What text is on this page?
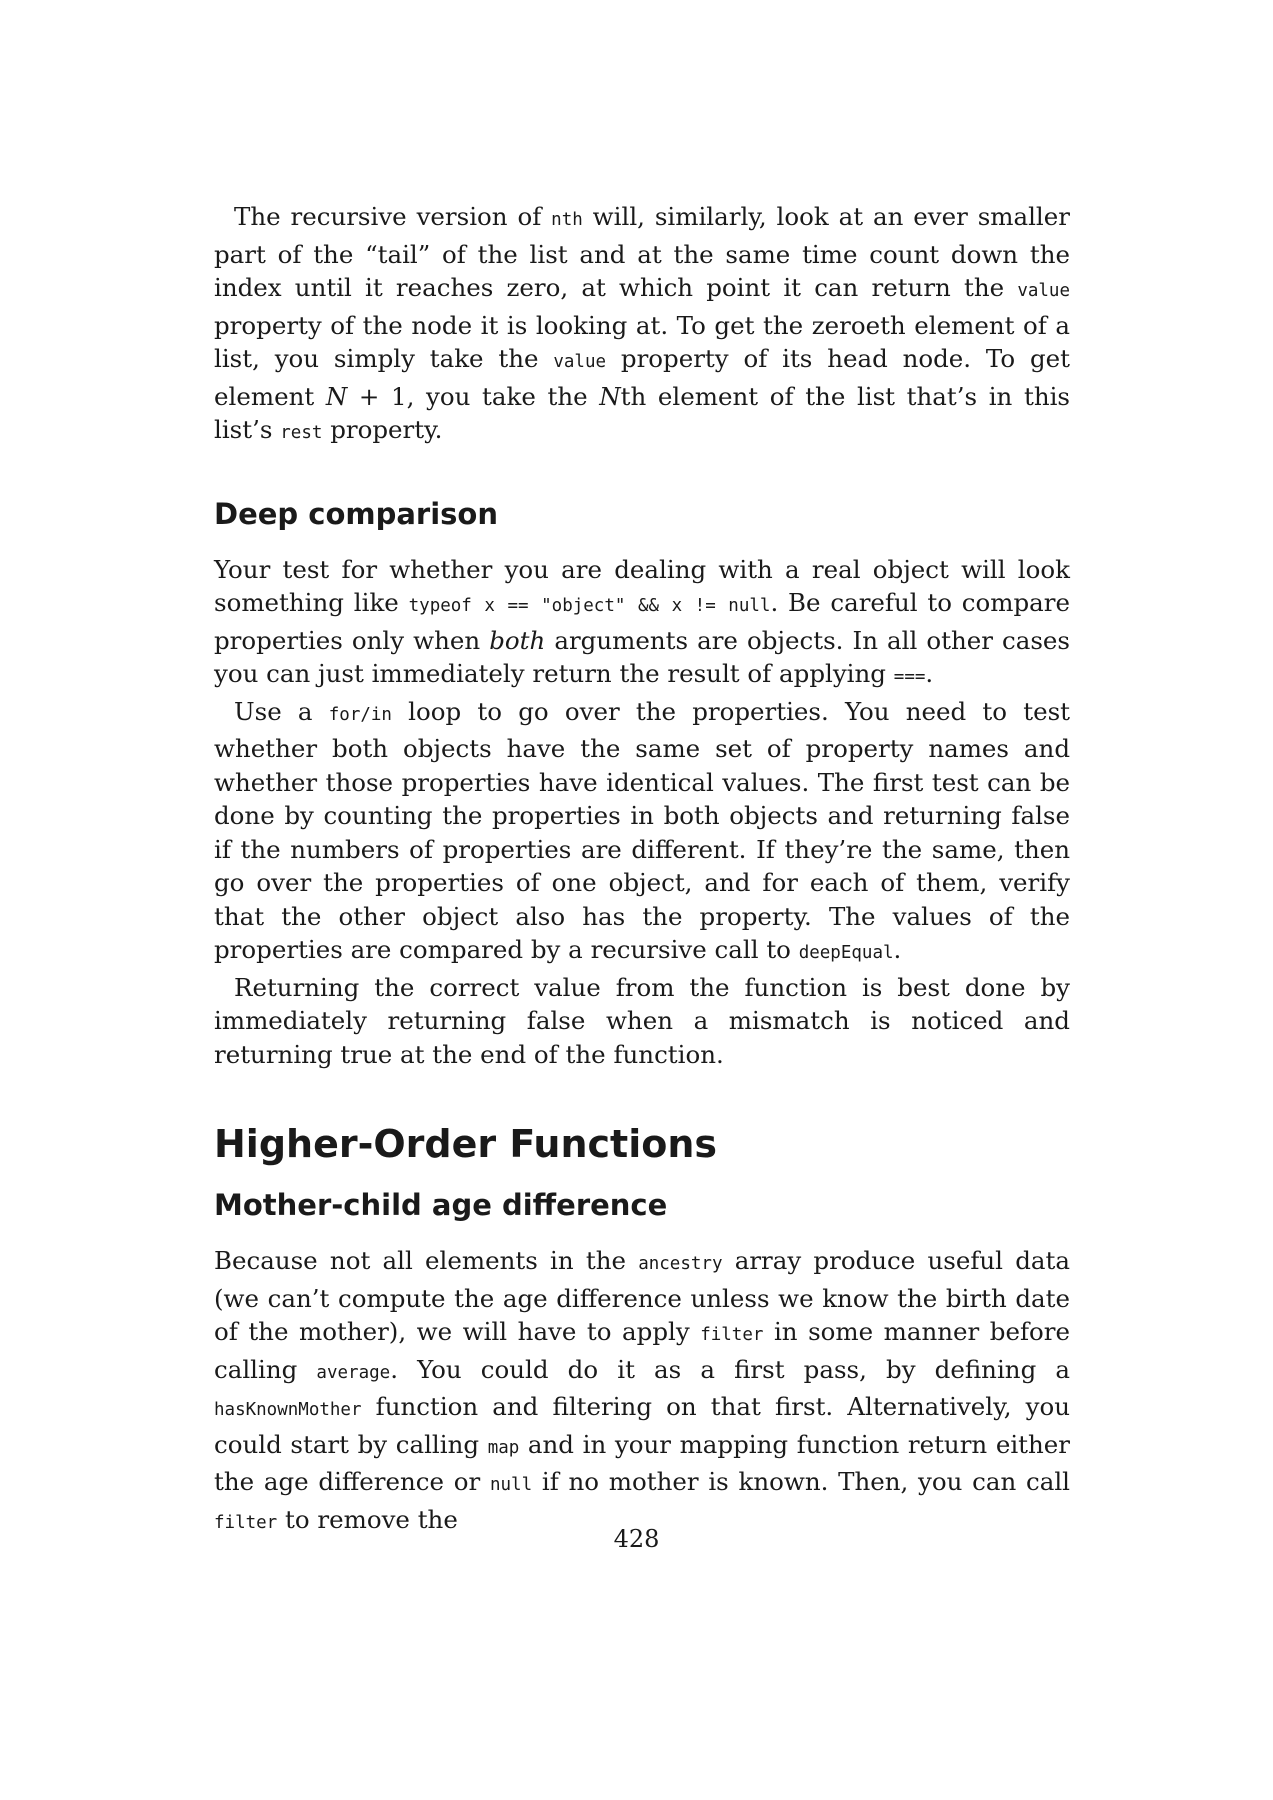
The recursive version of nth will, similarly, look at an ever smaller part of the “tail” of the list and at the same time count down the index until it reaches zero, at which point it can return the value property of the node it is looking at. To get the zeroeth element of a list, you simply take the value property of its head node. To get element N + 1, you take the Nth element of the list that’s in this list’s rest property.

Deep comparison

Your test for whether you are dealing with a real object will look something like typeof x == "object" && x != null. Be careful to compare properties only when both arguments are objects. In all other cases you can just immediately return the result of applying ===.

Use a for/in loop to go over the properties. You need to test whether both objects have the same set of property names and whether those properties have identical values. The first test can be done by counting the properties in both objects and returning false if the numbers of properties are different. If they’re the same, then go over the properties of one object, and for each of them, verify that the other object also has the property. The values of the properties are compared by a recursive call to deepEqual.

Returning the correct value from the function is best done by immediately returning false when a mismatch is noticed and returning true at the end of the function.

Higher-Order Functions
Mother-child age difference

Because not all elements in the ancestry array produce useful data (we can’t compute the age difference unless we know the birth date of the mother), we will have to apply filter in some manner before calling average. You could do it as a first pass, by defining a hasKnownMother function and filtering on that first. Alternatively, you could start by calling map and in your mapping function return either the age difference or null if no mother is known. Then, you can call filter to remove the

428
